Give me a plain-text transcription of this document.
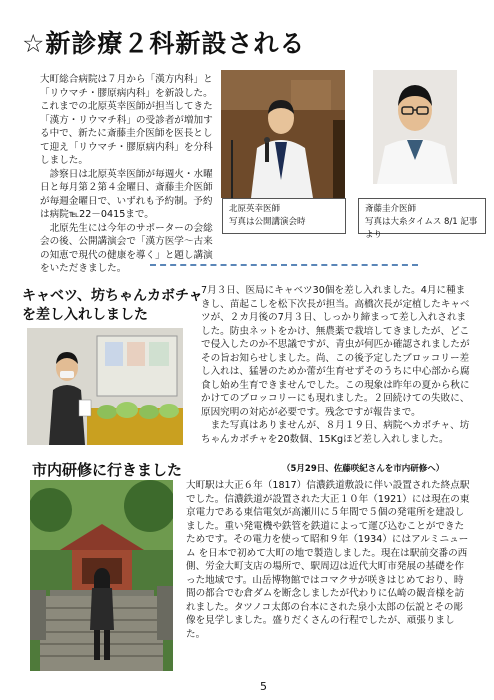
☆新診療２科新設される

大町総合病院は７月から「漢方内科」と「リウマチ・膠原病内科」を新設した。これまでの北原英幸医師が担当してきた「漢方・リウマチ科」の受診者が増加する中で、新たに斎藤圭介医師を医長として迎え「リウマチ・膠原病内科」を分科しました。

診察日は北原英幸医師が毎週火・水曜日と毎月第２第４金曜日、斎藤圭介医師が毎週金曜日で、いずれも予約制。予約は病院℡22－0415まで。

北原先生には今年のサポーターの会総会の後、公開講演会で「漢方医学～古来の知恵で現代の健康を導く」と題し講演をいただきました。

北原英幸医師
写真は公開講演会時
斎藤圭介医師
写真は大糸タイムス 8/1 記事より
キャベツ、坊ちゃんカボチャ
を差し入れしました

7月３日、医局にキャベツ30個を差し入れました。4月に種まきし、苗起こしを松下次長が担当。高橋次長が定植したキャベツが、２カ月後の7月３日、しっかり締まって差し入れされました。防虫ネットをかけ、無農薬で栽培してきましたが、どこで侵入したのか不思議ですが、青虫が何匹か確認されましたがその旨お知らせしました。尚、この後予定したブロッコリー差し入れは、猛暑のためか蕾が生育せずそのうちに中心部から腐食し始め生育できませんでした。この現象は昨年の夏から秋にかけてのブロッコリーにも現れました。２回続けての失敗に、原因究明の対応が必要です。残念ですが報告まで。

また写真はありませんが、８月１９日、病院へカボチャ、坊ちゃんカボチャを20数個、15Kgほど差し入れしました。

市内研修に行きました	（5月29日、佐藤咲紀さんを市内研修へ）

大町駅は大正６年（1817）信濃鉄道敷設に伴い設置された終点駅でした。信濃鉄道が設置された大正１０年（1921）には現在の東京電力である東信電気が高瀬川に５年間で５個の発電所を建設しました。重い発電機や鉄管を鉄道によって運び込むことができたためです。その電力を使って昭和９年（1934）にはアルミニューム を日本で初めて大町の地で製造しました。現在は駅前交番の西側、労金大町支店の場所で、駅周辺は近代大町市発展の基礎を作った地域です。山岳博物館ではコマクサが咲きはじめており、時間の都合でむ倉ダムを断念しましたが代わりに仏崎の観音様を訪れました。タツノコ太郎の台本にされた泉小太郎の伝説とその彫像を見学しました。盛りだくさんの行程でしたが、頑張りました。

5
